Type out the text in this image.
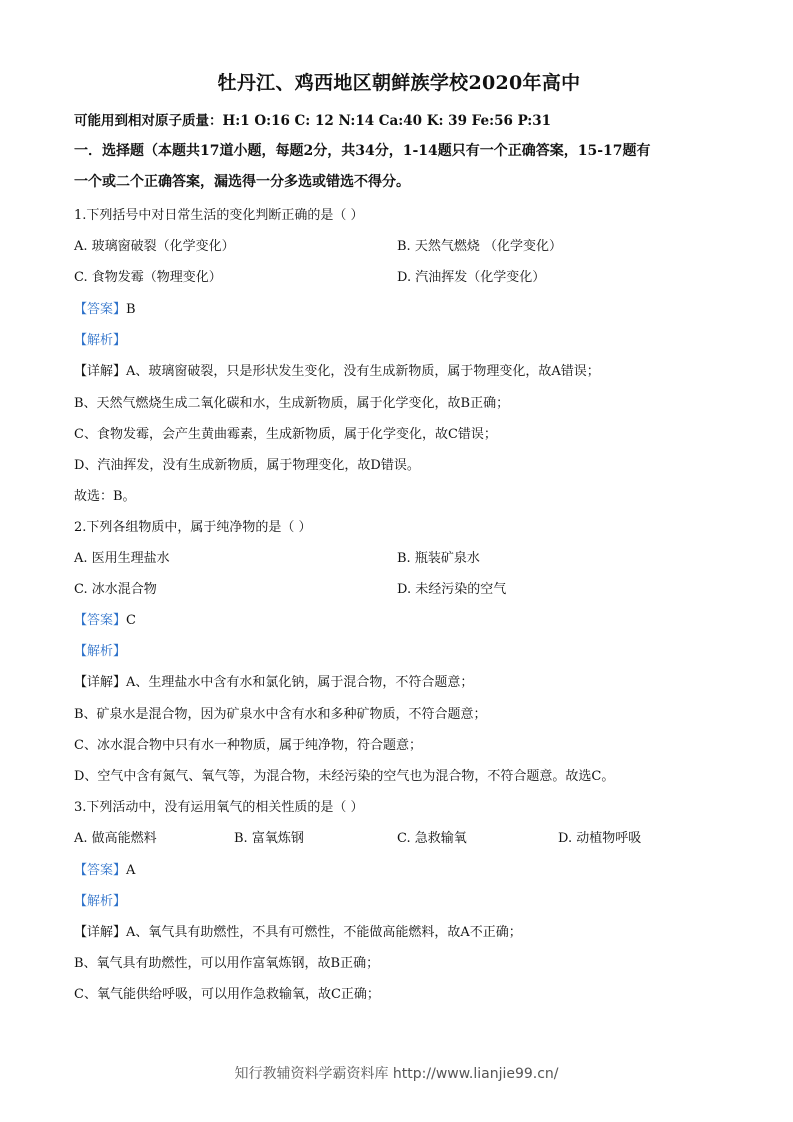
牡丹江、鸡西地区朝鲜族学校2020年高中
可能用到相对原子质量：H:1 O:16 C: 12 N:14 Ca:40 K: 39 Fe:56 P:31
一．选择题（本题共17道小题，每题2分，共34分，1-14题只有一个正确答案，15-17题有
一个或二个正确答案，漏选得一分多选或错选不得分。
1.下列括号中对日常生活的变化判断正确的是（ ）
A. 玻璃窗破裂（化学变化）	B. 天然气燃烧 （化学变化）
C. 食物发霉（物理变化）	D. 汽油挥发（化学变化）
【答案】B
【解析】
【详解】A、玻璃窗破裂，只是形状发生变化，没有生成新物质，属于物理变化，故A错误；
B、天然气燃烧生成二氧化碳和水，生成新物质，属于化学变化，故B正确；
C、食物发霉，会产生黄曲霉素，生成新物质，属于化学变化，故C错误；
D、汽油挥发，没有生成新物质，属于物理变化，故D错误。
故选：B。
2.下列各组物质中，属于纯净物的是（ ）
A. 医用生理盐水	B. 瓶装矿泉水
C. 冰水混合物	D. 未经污染的空气
【答案】C
【解析】
【详解】A、生理盐水中含有水和氯化钠，属于混合物，不符合题意；
B、矿泉水是混合物，因为矿泉水中含有水和多种矿物质，不符合题意；
C、冰水混合物中只有水一种物质，属于纯净物，符合题意；
D、空气中含有氮气、氧气等，为混合物，未经污染的空气也为混合物，不符合题意。故选C。
3.下列活动中，没有运用氧气的相关性质的是（ ）
A. 做高能燃料	B. 富氧炼钢	C. 急救输氧	D. 动植物呼吸
【答案】A
【解析】
【详解】A、氧气具有助燃性，不具有可燃性，不能做高能燃料，故A不正确；
B、氧气具有助燃性，可以用作富氧炼钢，故B正确；
C、氧气能供给呼吸，可以用作急救输氧，故C正确；
知行教辅资料学霸资料库 http://www.lianjie99.cn/
